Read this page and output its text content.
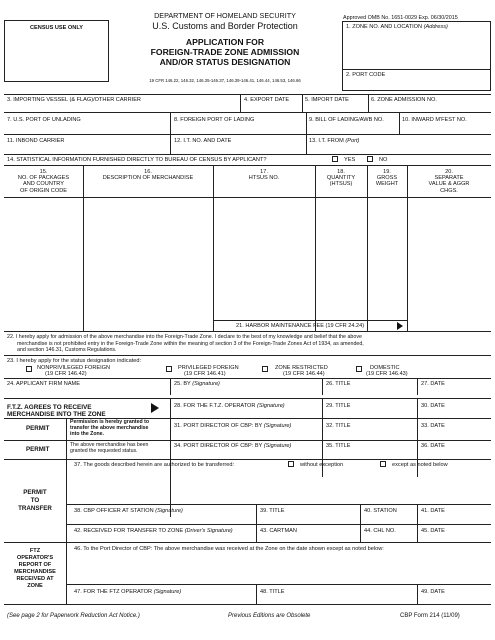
CENSUS USE ONLY
DEPARTMENT OF HOMELAND SECURITY
U.S. Customs and Border Protection
APPLICATION FOR
FOREIGN-TRADE ZONE ADMISSION
AND/OR STATUS DESIGNATION
19 CFR 146.22, 146.32, 146.35-146.37, 146.39-146.41, 146.44, 146.53, 146.66
Approved OMB No. 1651-0029 Exp. 06/30/2015
1. ZONE NO. AND LOCATION (Address)
2. PORT CODE
3. IMPORTING VESSEL (& FLAG)/OTHER CARRIER	4. EXPORT DATE	5. IMPORT DATE	6. ZONE ADMISSION NO.
7. U.S. PORT OF UNLADING	8. FOREIGN PORT OF LADING	9. BILL OF LADING/AWB NO.	10. INWARD M'FEST NO.
11. INBOND CARRIER	12. I.T. NO. AND DATE	13. I.T. FROM (Port)
14. STATISTICAL INFORMATION FURNISHED DIRECTLY TO BUREAU OF CENSUS BY APPLICANT?	YES	NO
15.
NO. OF PACKAGES
AND COUNTRY
OF ORIGIN CODE
16.
DESCRIPTION OF MERCHANDISE
17.
HTSUS NO.
18.
QUANTITY
(HTSUS)
19.
GROSS
WEIGHT
20.
SEPARATE
VALUE & AGGR
CHGS.
21. HARBOR MAINTENANCE FEE (19 CFR 24.24)
22. I hereby apply for admission of the above merchandise into the Foreign-Trade Zone. I declare to the best of my knowledge and belief that the above
merchandise is not prohibited entry in the Foreign-Trade Zone within the meaning of section 3 of the Foreign-Trade Zones Act of 1934, as amended,
and section 146.31, Customs Regulations.
23. I hereby apply for the status designation indicated:
NONPRIVILEGED FOREIGN
(19 CFR 146.42)
PRIVILEGED FOREIGN
(19 CFR 146.41)
ZONE RESTRICTED
(19 CFR 146.44)
DOMESTIC
(19 CFR 146.43)
24. APPLICANT FIRM NAME	25. BY (Signature)	26. TITLE	27. DATE
F.T.Z. AGREES TO RECEIVE
MERCHANDISE INTO THE ZONE
28. FOR THE F.T.Z. OPERATOR (Signature)	29. TITLE	30. DATE
PERMIT
Permission is hereby granted to
transfer the above merchandise
into the Zone.
31. PORT DIRECTOR OF CBP: BY (Signature)	32. TITLE	33. DATE
PERMIT
The above merchandise has been
granted the requested status.
34. PORT DIRECTOR OF CBP: BY (Signature)	35. TITLE	36. DATE
37. The goods described herein are authorized to be transferred:	without exception	except as noted below
PERMIT
TO
TRANSFER	38. CBP OFFICER AT STATION (Signature)	39. TITLE	40. STATION	41. DATE
42. RECEIVED FOR TRANSFER TO ZONE (Driver's Signature)	43. CARTMAN	44. CHL NO.	45. DATE
46. To the Port Director of CBP: The above merchandise was received at the Zone on the date shown except as noted below:
FTZ
OPERATOR'S
REPORT OF
MERCHANDISE
RECEIVED AT
ZONE
47. FOR THE FTZ OPERATOR (Signature)	48. TITLE	49. DATE
(See page 2 for Paperwork Reduction Act Notice.)	Previous Editions are Obsolete	CBP Form 214 (11/09)
